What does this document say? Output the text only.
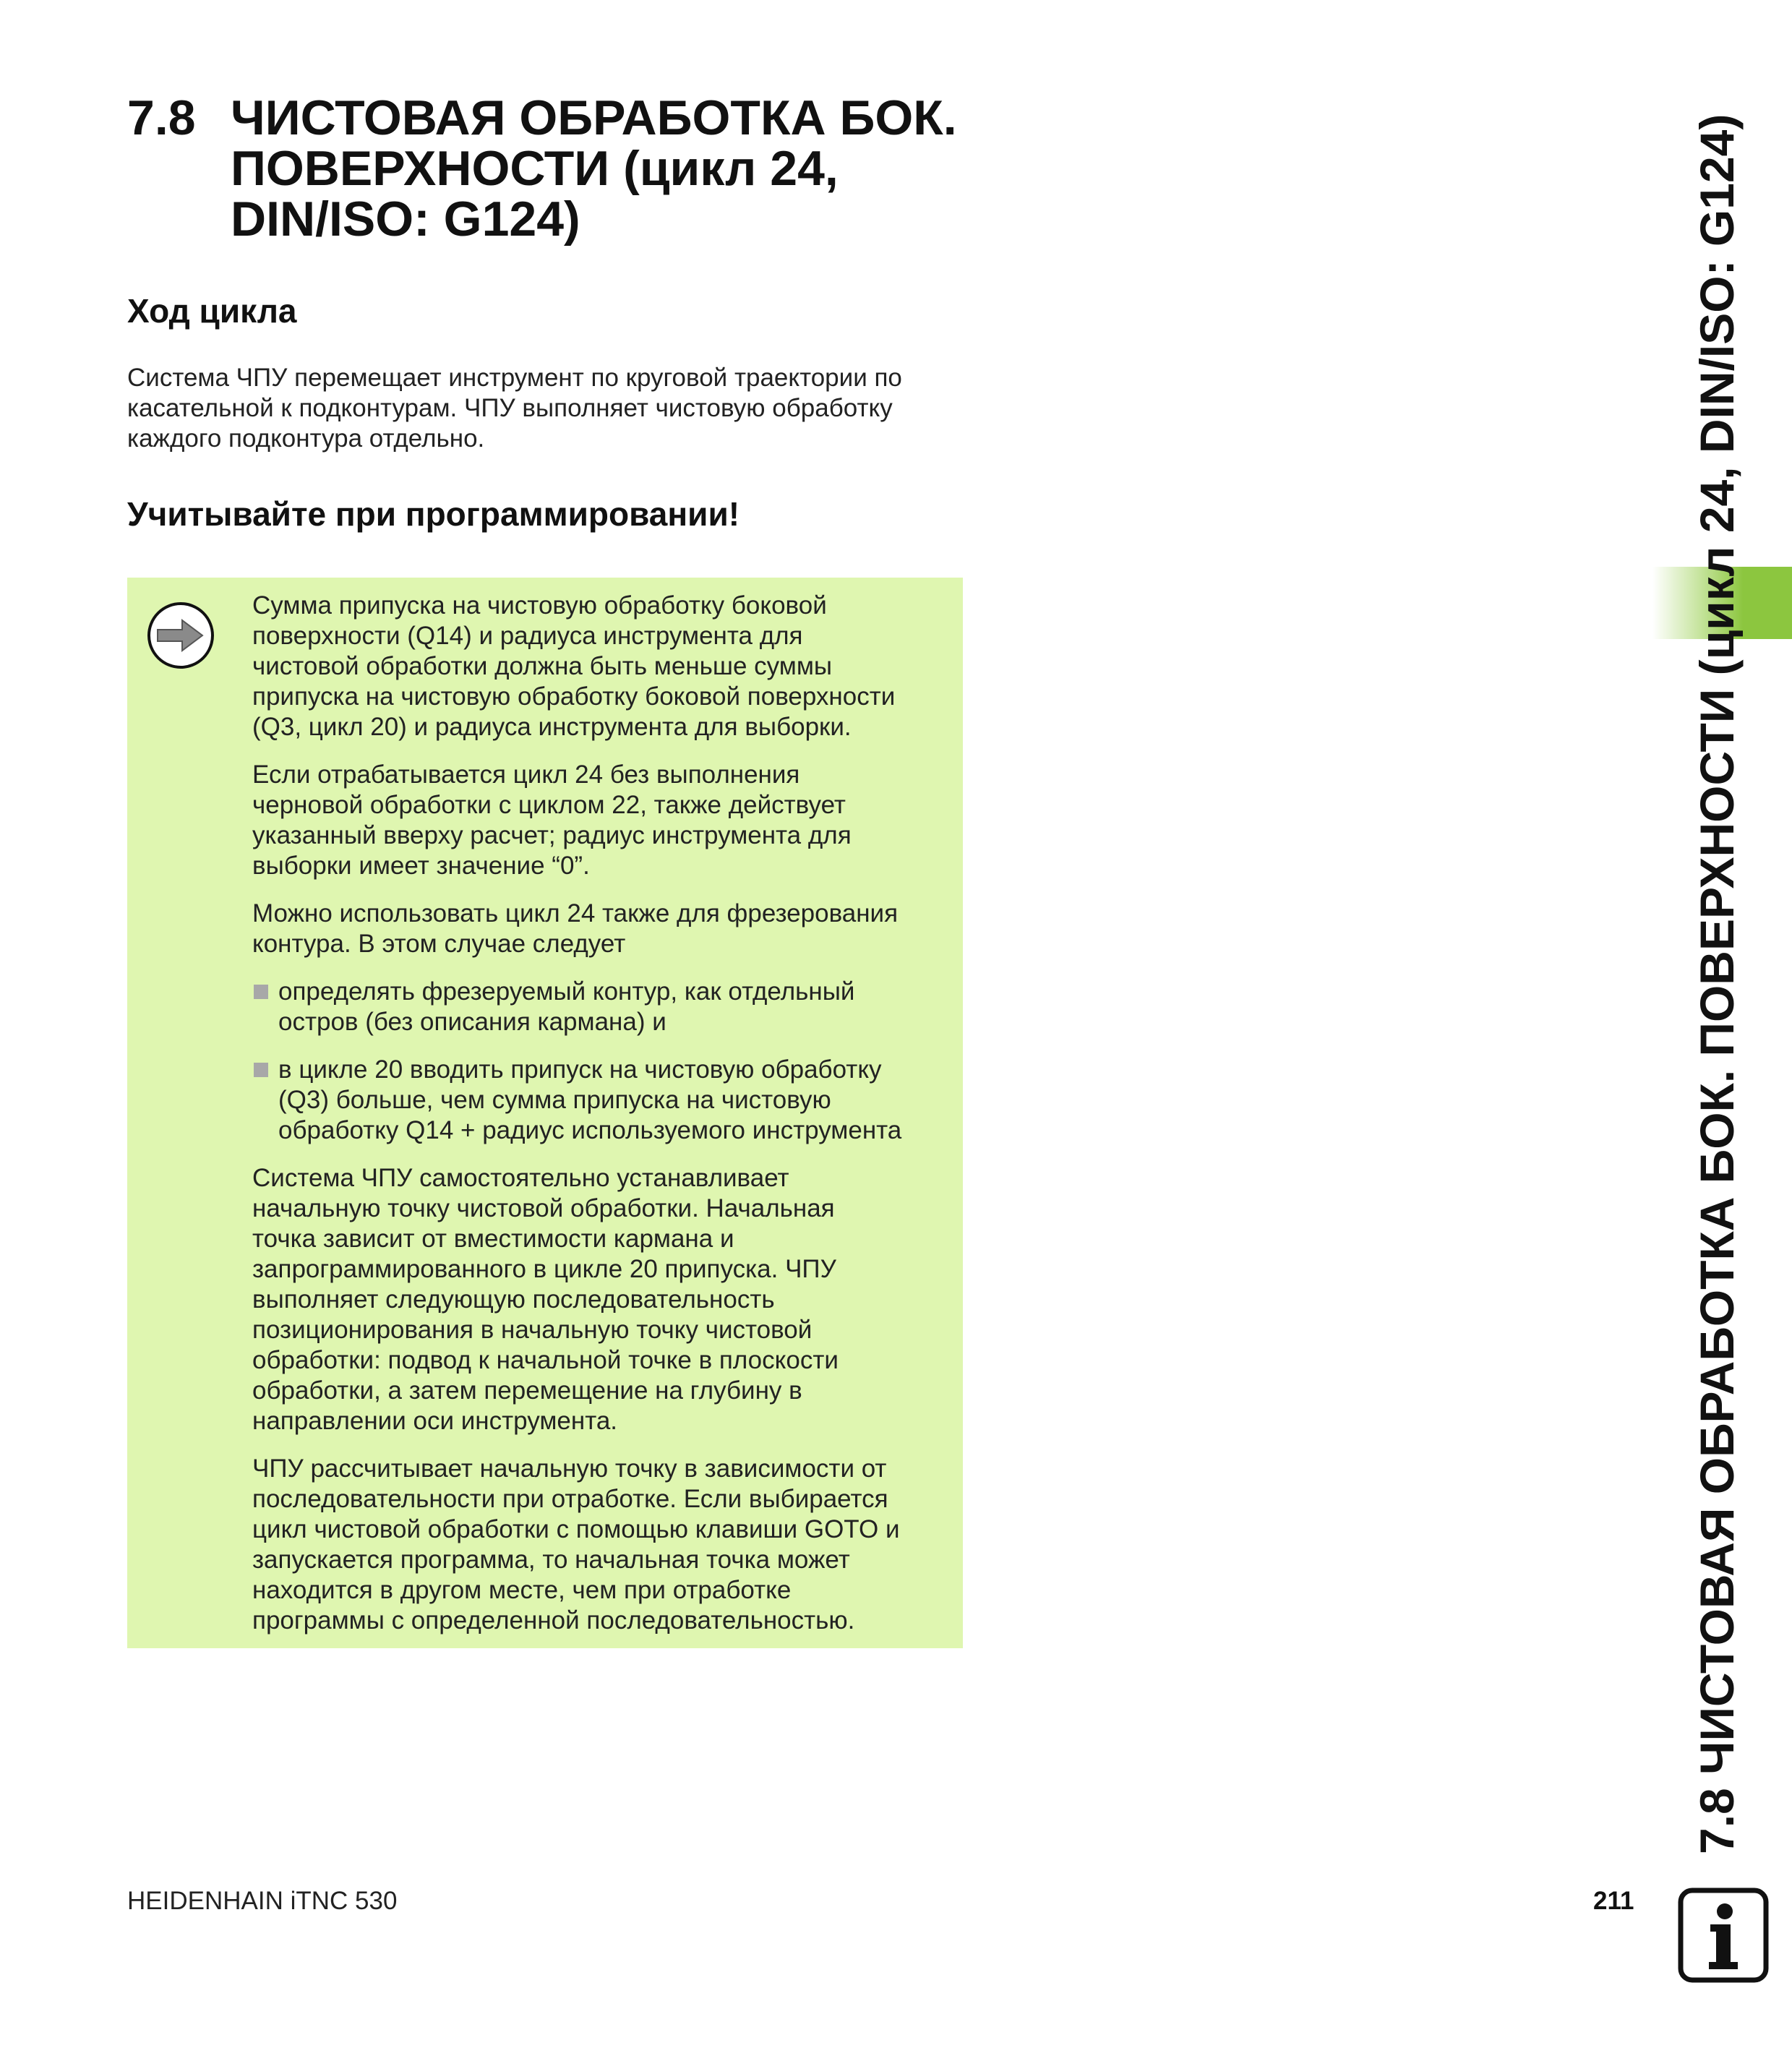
7.8 ЧИСТОВАЯ ОБРАБОТКА БОК.
ПОВЕРХНОСТИ (цикл 24,
DIN/ISO: G124)
Ход цикла

Система ЧПУ перемещает инструмент по круговой траектории по
касательной к подконтурам. ЧПУ выполняет чистовую обработку
каждого подконтура отдельно.

Учитывайте при программировании!

Сумма припуска на чистовую обработку боковой
поверхности (Q14) и радиуса инструмента для
чистовой обработки должна быть меньше суммы
припуска на чистовую обработку боковой поверхности
(Q3, цикл 20) и радиуса инструмента для выборки.

Если отрабатывается цикл 24 без выполнения
черновой обработки с циклом 22, также действует
указанный вверху расчет; радиус инструмента для
выборки имеет значение “0”.

Можно использовать цикл 24 также для фрезерования
контура. В этом случае следует

определять фрезеруемый контур, как отдельный
остров (без описания кармана) и
в цикле 20 вводить припуск на чистовую обработку
(Q3) больше, чем сумма припуска на чистовую
обработку Q14 + радиус используемого инструмента

Система ЧПУ самостоятельно устанавливает
начальную точку чистовой обработки. Начальная
точка зависит от вместимости кармана и
запрограммированного в цикле 20 припуска. ЧПУ
выполняет следующую последовательность
позиционирования в начальную точку чистовой
обработки: подвод к начальной точке в плоскости
обработки, а затем перемещение на глубину в
направлении оси инструмента.

ЧПУ рассчитывает начальную точку в зависимости от
последовательности при отработке. Если выбирается
цикл чистовой обработки с помощью клавиши GOTO и
запускается программа, то начальная точка может
находится в другом месте, чем при отработке
программы с определенной последовательностью.	7.8 ЧИСТОВАЯ ОБРАБОТКА БОК. ПОВЕРХНОСТИ (цикл 24, DIN/ISO: G124)
HEIDENHAIN iTNC 530	211
